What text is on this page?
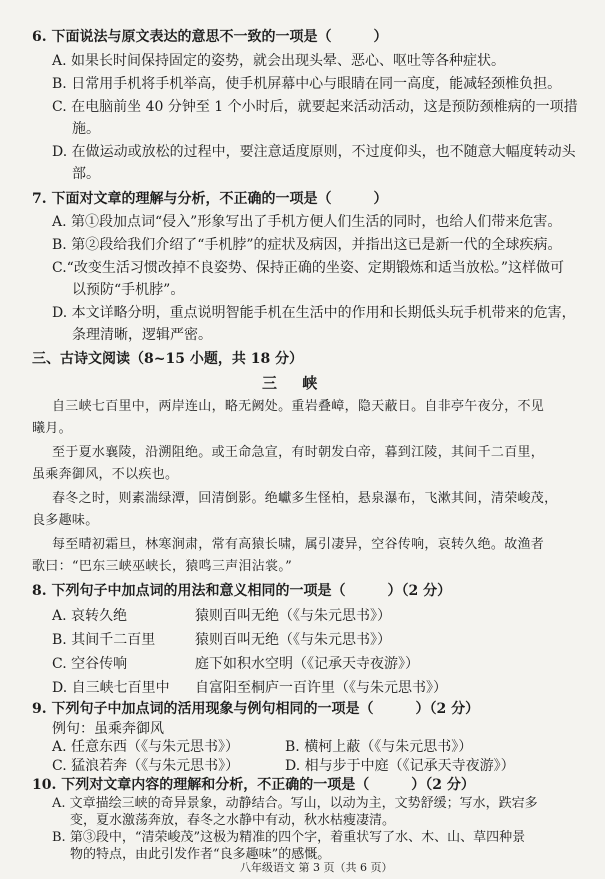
6. 下面说法与原文表达的意思不一致的一项是（　　　）
A. 如果长时间保持固定的姿势，就会出现头晕、恶心、呕吐等各种症状。
B. 日常用手机将手机举高，使手机屏幕中心与眼睛在同一高度，能减轻颈椎负担。
C. 在电脑前坐 40 分钟至 1 个小时后，就要起来活动活动，这是预防颈椎病的一项措
施。
D. 在做运动或放松的过程中，要注意适度原则，不过度仰头，也不随意大幅度转动头
部。
7. 下面对文章的理解与分析，不正确的一项是（　　　）
A. 第①段加点词“侵入”形象写出了手机方便人们生活的同时，也给人们带来危害。
B. 第②段给我们介绍了“手机脖”的症状及病因，并指出这已是新一代的全球疾病。
C.“改变生活习惯改掉不良姿势、保持正确的坐姿、定期锻炼和适当放松。”这样做可
以预防“手机脖”。
D. 本文详略分明，重点说明智能手机在生活中的作用和长期低头玩手机带来的危害，
条理清晰，逻辑严密。
三、古诗文阅读（8~15 小题，共 18 分）
三 峡
自三峡七百里中，两岸连山，略无阙处。重岩叠嶂，隐天蔽日。自非亭午夜分，不见
曦月。
至于夏水襄陵，沿溯阻绝。或王命急宣，有时朝发白帝，暮到江陵，其间千二百里，
虽乘奔御风，不以疾也。
春冬之时，则素湍绿潭，回清倒影。绝巘多生怪柏，悬泉瀑布，飞漱其间，清荣峻茂，
良多趣味。
每至晴初霜旦，林寒涧肃，常有高猿长啸，属引凄异，空谷传响，哀转久绝。故渔者
歌曰：“巴东三峡巫峡长，猿鸣三声泪沾裳。”
8. 下列句子中加点词的用法和意义相同的一项是（　　　）（2 分）
A. 哀转久绝	猿则百叫无绝（《与朱元思书》）
B. 其间千二百里	猿则百叫无绝（《与朱元思书》）
C. 空谷传响	庭下如积水空明（《记承天寺夜游》）
D. 自三峡七百里中 自富阳至桐庐一百许里（《与朱元思书》）
9. 下列句子中加点词的活用现象与例句相同的一项是（　　　）（2 分）
例句：虽乘奔御风
A. 任意东西（《与朱元思书》）	B. 横柯上蔽（《与朱元思书》）
C. 猛浪若奔（《与朱元思书》）	D. 相与步于中庭（《记承天寺夜游》）
10. 下列对文章内容的理解和分析，不正确的一项是（　　　）（2 分）
A. 文章描绘三峡的奇异景象，动静结合。写山，以动为主，文势舒缓；写水，跌宕多
变，夏水激荡奔放，春冬之水静中有动，秋水枯瘦凄清。
B. 第③段中，“清荣峻茂”这极为精准的四个字，着重状写了水、木、山、草四种景
物的特点，由此引发作者“良多趣味”的感慨。
八年级语文 第 3 页（共 6 页）
